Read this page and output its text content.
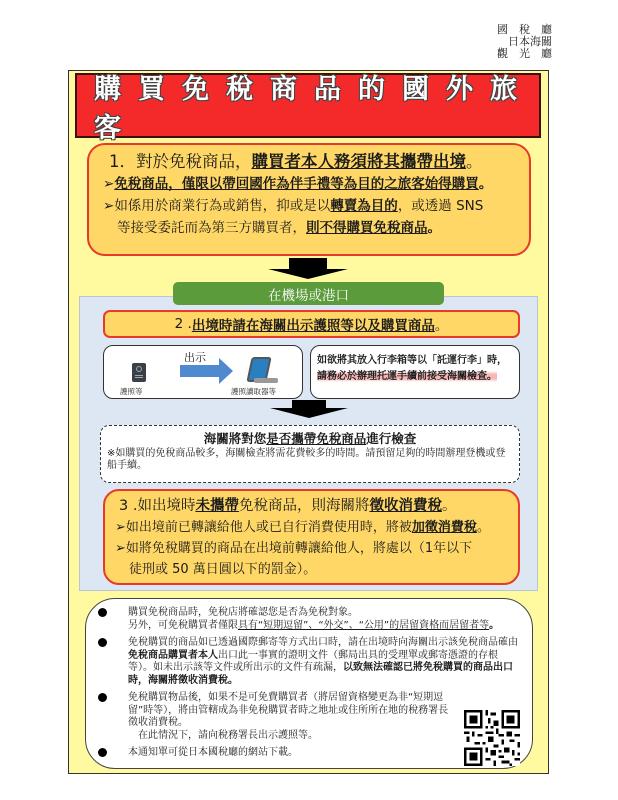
國　稅　廳
日本海關
觀　光　廳
購買免稅商品的國外旅客
1．對於免稅商品，購買者本人務須將其攜帶出境。
➢免稅商品，僅限以帶回國作為伴手禮等為目的之旅客始得購買。
➢如係用於商業行為或銷售，抑或是以轉賣為目的，或透過 SNS
等接受委託而為第三方購買者，則不得購買免稅商品。
在機場或港口
2 . 出境時請在海關出示護照等以及購買商品 。
出示
護照等	護照讀取器等
如欲將其放入行李箱等以「託運行李」時，
請務必於辦理托運手續前接受海關檢查。
海關將對您是否攜帶免稅商品進行檢查
※如購買的免稅商品較多，海關檢查將需花費較多的時間。請預留足夠的時間辦理登機或登船手續。
3 .如出境時未攜帶免稅商品，則海關將徵收消費稅。
➢如出境前已轉讓給他人或已自行消費使用時，將被加徵消費稅。
➢如將免稅購買的商品在出境前轉讓給他人，將處以（1年以下
徒刑或 50 萬日圓以下的罰金）。
購買免稅商品時，免稅店將確認您是否為免稅對象。
另外，可免稅購買者僅限具有“短期逗留”、“外交”、“公用”的居留資格而居留者等。
免稅購買的商品如已透過國際郵寄等方式出口時，請在出境時向海關出示該免稅商品確由免稅商品購買者本人出口此一事實的證明文件（郵局出具的受理單或郵寄憑證的存根等）。如未出示該等文件或所出示的文件有疏漏，以致無法確認已將免稅購買的商品出口時，海關將徵收消費稅。
免稅購買物品後，如果不是可免費購買者（將居留資格變更為非“短期逗留”時等），將由管轄成為非免稅購買者時之地址或住所所在地的稅務署長徵收消費稅。
在此情況下，請向稅務署長出示護照等。
本通知單可從日本國稅廳的網站下載。
